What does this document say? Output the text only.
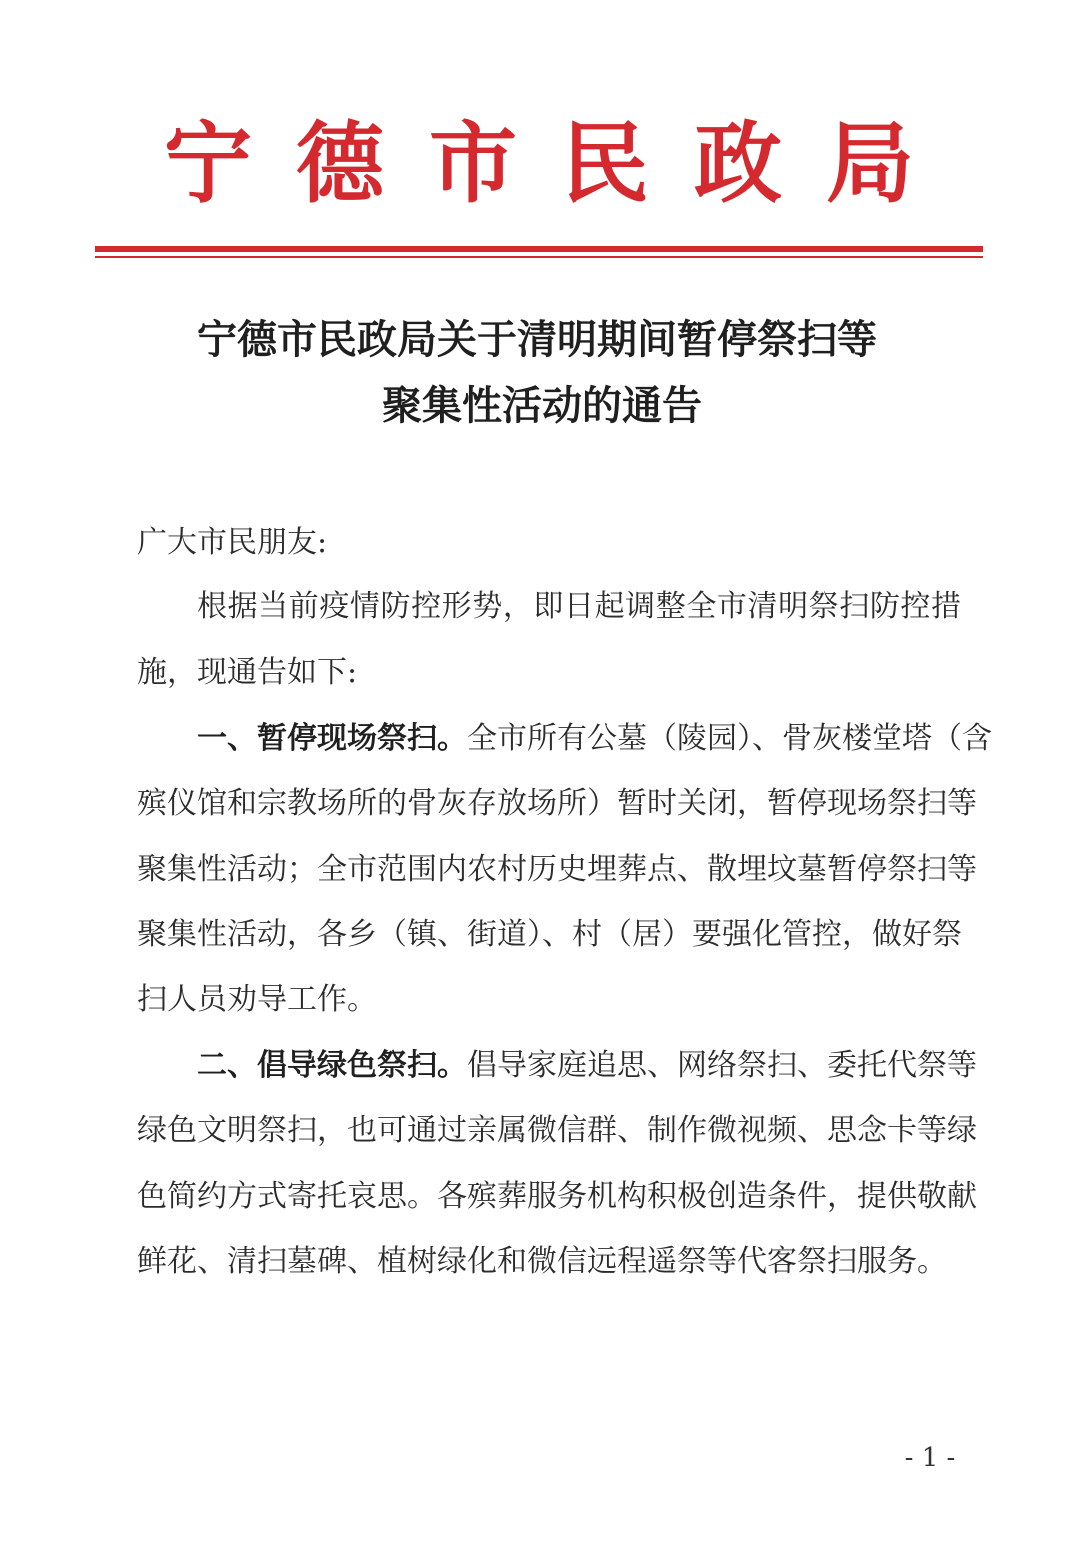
宁 德 市 民 政 局
宁德市民政局关于清明期间暂停祭扫等
聚集性活动的通告
广大市民朋友:
根据当前疫情防控形势，即日起调整全市清明祭扫防控措
施，现通告如下:
一、暂停现场祭扫。全市所有公墓（陵园）、骨灰楼堂塔（含
殡仪馆和宗教场所的骨灰存放场所）暂时关闭，暂停现场祭扫等
聚集性活动；全市范围内农村历史埋葬点、散埋坟墓暂停祭扫等
聚集性活动，各乡（镇、街道）、村（居）要强化管控，做好祭
扫人员劝导工作。
二、倡导绿色祭扫。倡导家庭追思、网络祭扫、委托代祭等
绿色文明祭扫，也可通过亲属微信群、制作微视频、思念卡等绿
色简约方式寄托哀思。各殡葬服务机构积极创造条件，提供敬献
鲜花、清扫墓碑、植树绿化和微信远程遥祭等代客祭扫服务。
- 1 -
